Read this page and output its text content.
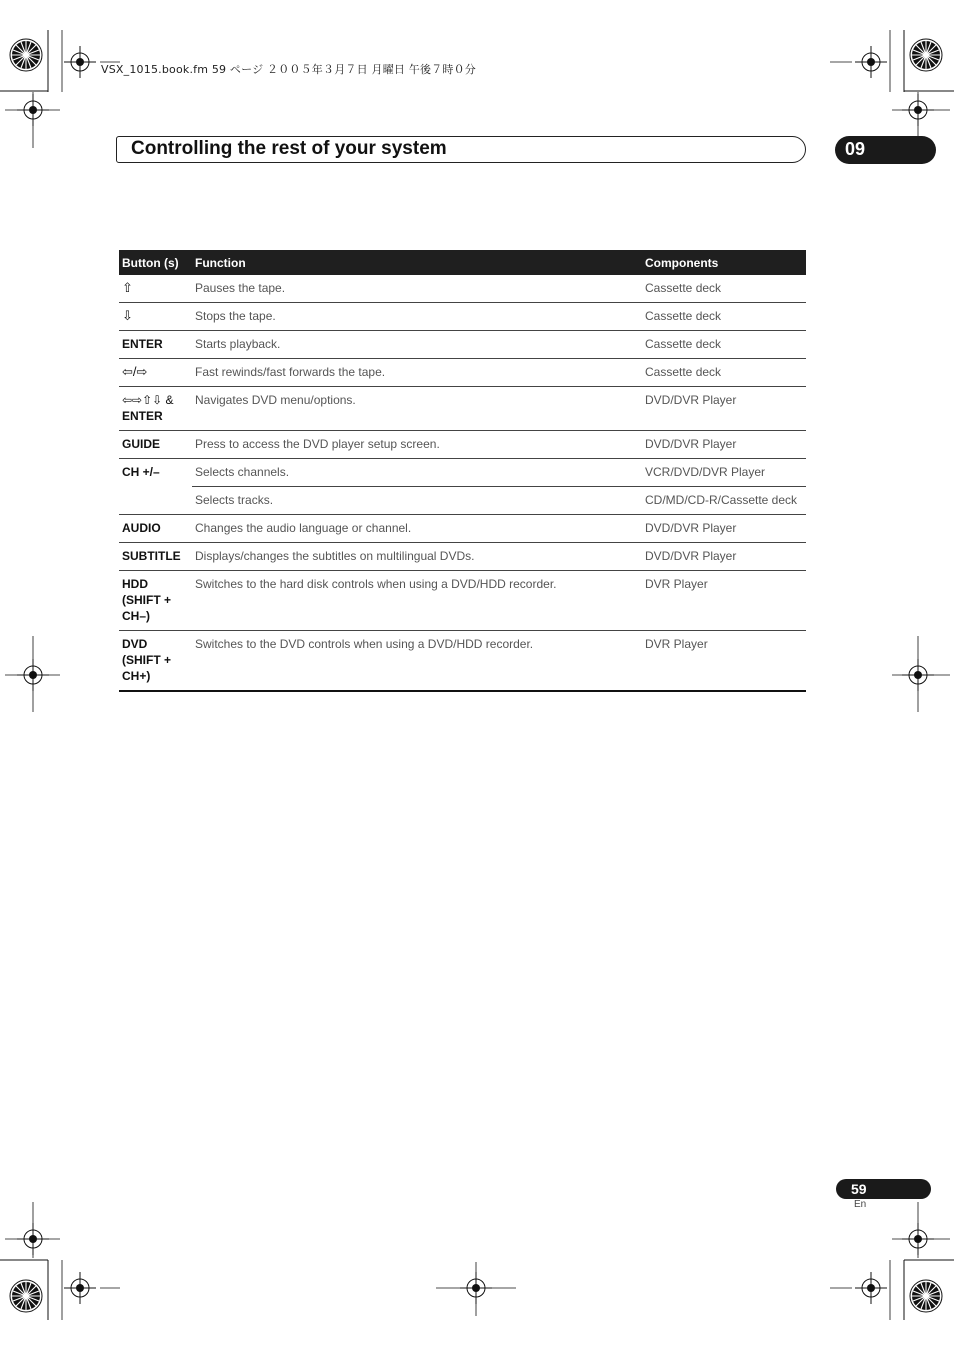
VSX_1015.book.fm 59 ページ ２００５年３月７日 月曜日 午後７時０分
Controlling the rest of your system	09
Button (s)	Function	Components
⇧	Pauses the tape.	Cassette deck
⇩	Stops the tape.	Cassette deck
ENTER	Starts playback.	Cassette deck
⇦/⇨	Fast rewinds/fast forwards the tape.	Cassette deck
⇦⇨⇧⇩ &
ENTER	Navigates DVD menu/options.	DVD/DVR Player
GUIDE	Press to access the DVD player setup screen.	DVD/DVR Player
CH +/–	Selects channels.	VCR/DVD/DVR Player
	Selects tracks.	CD/MD/CD-R/Cassette deck
AUDIO	Changes the audio language or channel.	DVD/DVR Player
SUBTITLE	Displays/changes the subtitles on multilingual DVDs.	DVD/DVR Player
HDD
(SHIFT +
CH–)	Switches to the hard disk controls when using a DVD/HDD recorder.	DVR Player
DVD
(SHIFT +
CH+)	Switches to the DVD controls when using a DVD/HDD recorder.	DVR Player
59
En
